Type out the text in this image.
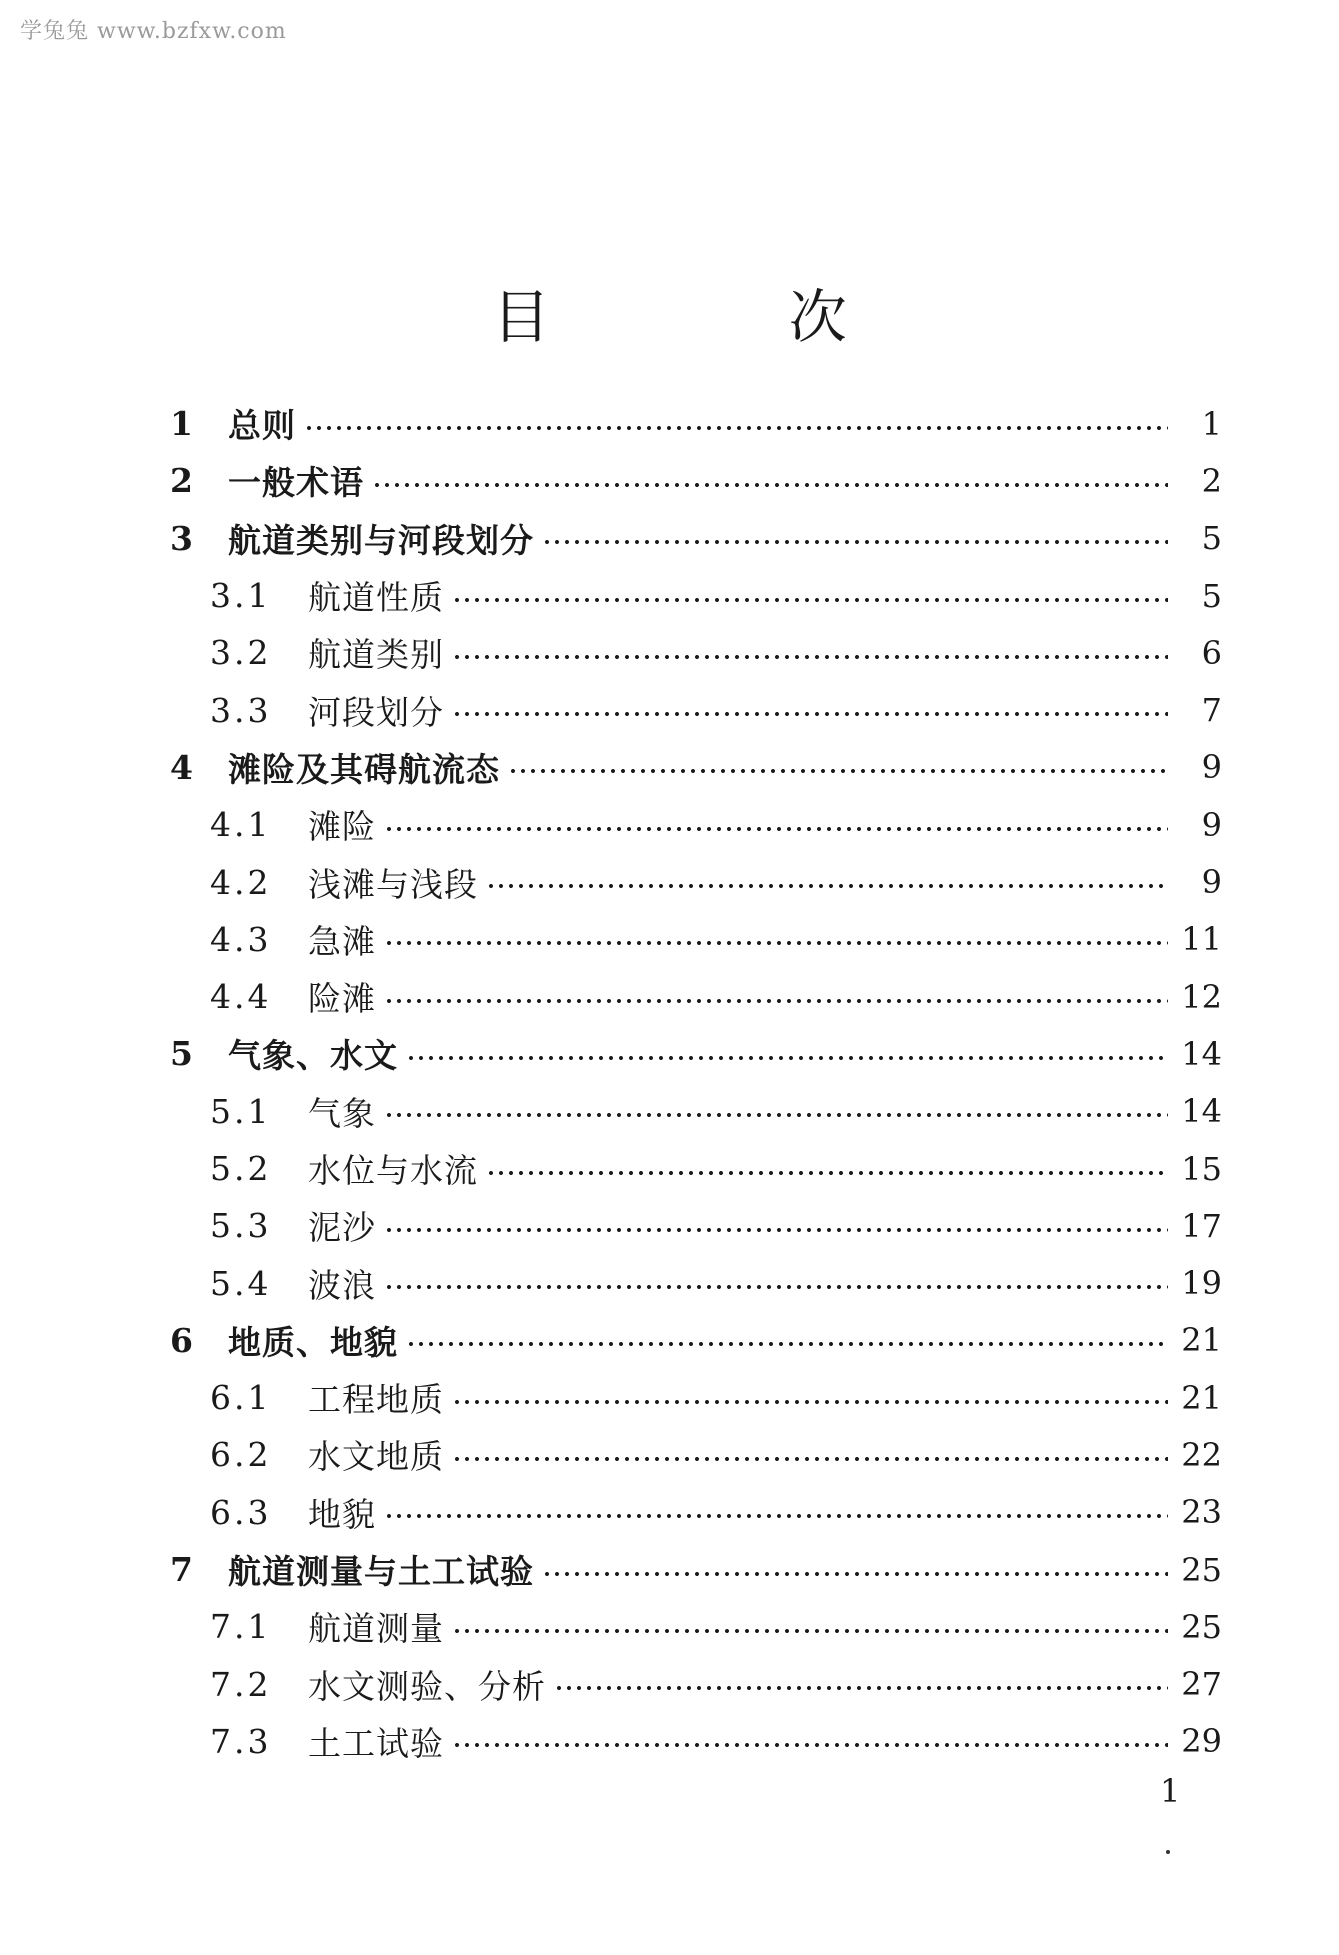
学兔兔 www.bzfxw.com
目 次
1	总则	1
2	一般术语	2
3	航道类别与河段划分	5
3.1	航道性质	5
3.2	航道类别	6
3.3	河段划分	7
4	滩险及其碍航流态	9
4.1	滩险	9
4.2	浅滩与浅段	9
4.3	急滩	11
4.4	险滩	12
5	气象、水文	14
5.1	气象	14
5.2	水位与水流	15
5.3	泥沙	17
5.4	波浪	19
6	地质、地貌	21
6.1	工程地质	21
6.2	水文地质	22
6.3	地貌	23
7	航道测量与土工试验	25
7.1	航道测量	25
7.2	水文测验、分析	27
7.3	土工试验	29
1
